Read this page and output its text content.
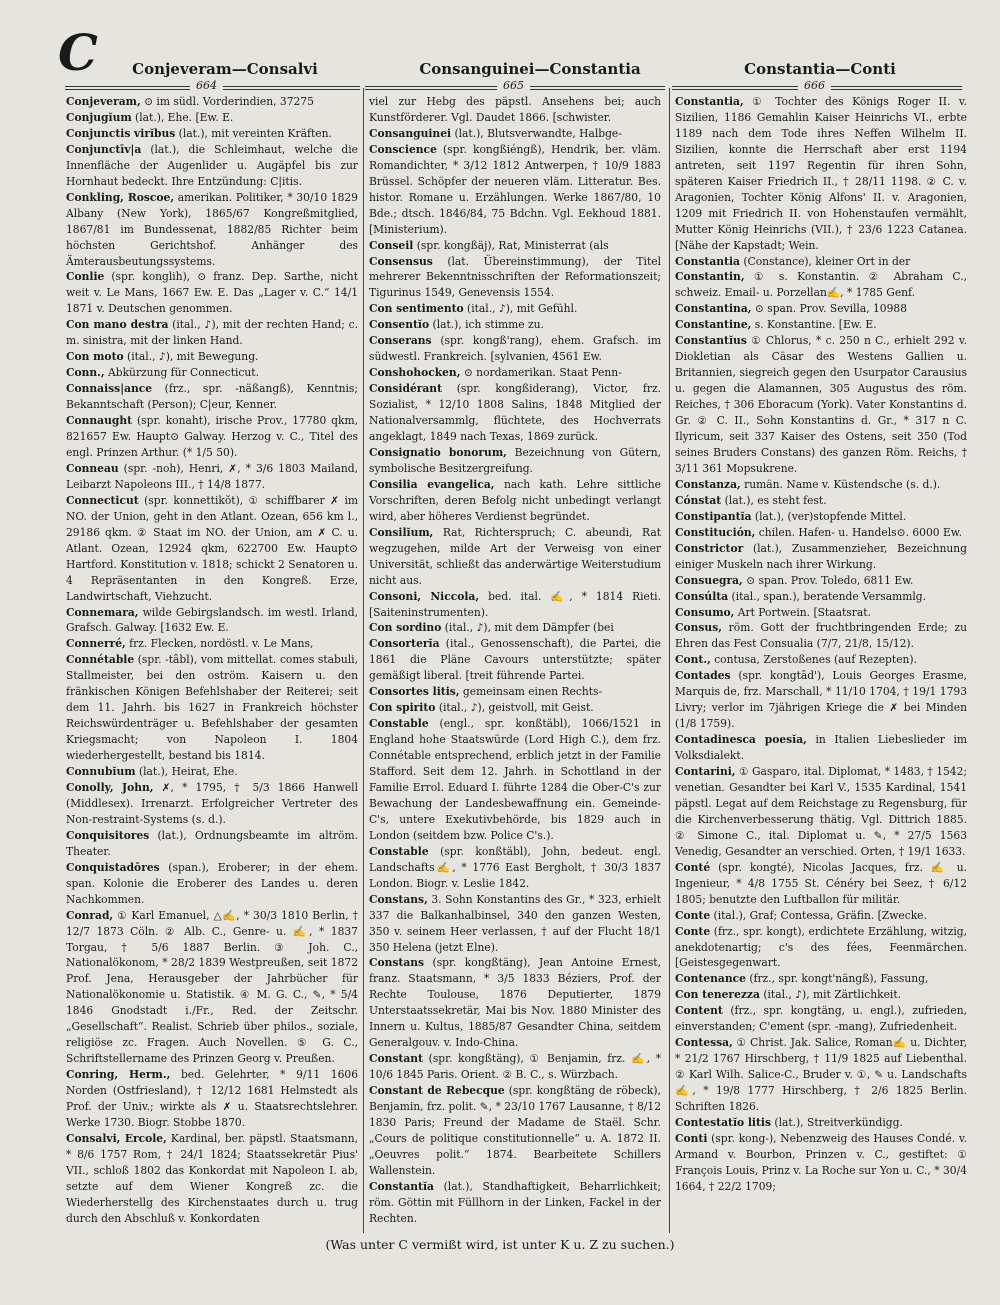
C	Conjeveram—Consalvi	Consanguinei—Constantia	Constantia—Conti
664	665	666

Conjeveram, ⊙ im südl. Vorderindien, 37275

Conjugĭum (lat.), Ehe. [Ew. E.

Conjunctis virĭbus (lat.), mit vereinten Kräften.

Conjunctīv|a (lat.), die Schleimhaut, welche die Innenfläche der Augenlider u. Augäpfel bis zur Hornhaut bedeckt. Ihre Entzündung: C|itis.

Conkling, Roscoe, amerikan. Politiker, * 30/10 1829 Albany (New York), 1865/67 Kongreßmitglied, 1867/81 im Bundessenat, 1882/85 Richter beim höchsten Gerichtshof. Anhänger des Ämterausbeutungssystems.

Conlie (spr. konglih), ⊙ franz. Dep. Sarthe, nicht weit v. Le Mans, 1667 Ew. E. Das „Lager v. C.“ 14/1 1871 v. Deutschen genommen.

Con mano destra (ital., ♪), mit der rechten Hand; c. m. sinistra, mit der linken Hand.

Con moto (ital., ♪), mit Bewegung.

Conn., Abkürzung für Connecticut.

Connaiss|ance (frz., spr. -näßangß), Kenntnis; Bekanntschaft (Person); C|eur, Kenner.

Connaught (spr. konaht), irische Prov., 17780 qkm, 821657 Ew. Haupt⊙ Galway. Herzog v. C., Titel des engl. Prinzen Arthur. (* 1/5 50).

Conneau (spr. -noh), Henri, ✗, * 3/6 1803 Mailand, Leibarzt Napoleons III., † 14/8 1877.

Connecticut (spr. konnettikŏt), ① schiffbarer ✗ im NO. der Union, geht in den Atlant. Ozean, 656 km l., 29186 qkm. ② Staat im NO. der Union, am ✗ C. u. Atlant. Ozean, 12924 qkm, 622700 Ew. Haupt⊙ Hartford. Konstitution v. 1818; schickt 2 Senatoren u. 4 Repräsentanten in den Kongreß. Erze, Landwirtschaft, Viehzucht.

Connemara, wilde Gebirgslandsch. im westl. Irland, Grafsch. Galway. [1632 Ew. E.

Connerré, frz. Flecken, nordöstl. v. Le Mans,

Connétable (spr. -tâbl), vom mittellat. comes stabuli, Stallmeister, bei den oström. Kaisern u. den fränkischen Königen Befehlshaber der Reiterei; seit dem 11. Jahrh. bis 1627 in Frankreich höchster Reichswürdenträger u. Befehlshaber der gesamten Kriegsmacht; von Napoleon I. 1804 wiederhergestellt, bestand bis 1814.

Connubĭum (lat.), Heirat, Ehe.

Conolly, John, ✗, * 1795, † 5/3 1866 Hanwell (Middlesex). Irrenarzt. Erfolgreicher Vertreter des Non-restraint-Systems (s. d.).

Conquisitores (lat.), Ordnungsbeamte im altröm. Theater.

Conquistadōres (span.), Eroberer; in der ehem. span. Kolonie die Eroberer des Landes u. deren Nachkommen.

Conrad, ① Karl Emanuel, △✍, * 30/3 1810 Berlin, † 12/7 1873 Cöln. ② Alb. C., Genre- u. ✍, * 1837 Torgau, † 5/6 1887 Berlin. ③ Joh. C., Nationalökonom, * 28/2 1839 Westpreußen, seit 1872 Prof. Jena, Herausgeber der Jahrbücher für Nationalökonomie u. Statistik. ④ M. G. C., ✎, * 5/4 1846 Gnodstadt i./Fr., Red. der Zeitschr. „Gesellschaft“. Realist. Schrieb über philos., soziale, religiöse zc. Fragen. Auch Novellen. ⑤ G. C., Schriftstellername des Prinzen Georg v. Preußen.

Conring, Herm., bed. Gelehrter, * 9/11 1606 Norden (Ostfriesland), † 12/12 1681 Helmstedt als Prof. der Univ.; wirkte als ✗ u. Staatsrechtslehrer. Werke 1730. Biogr. Stobbe 1870.

Consalvi, Ercole, Kardinal, ber. päpstl. Staatsmann, * 8/6 1757 Rom, † 24/1 1824; Staatssekretär Pius' VII., schloß 1802 das Konkordat mit Napoleon I. ab, setzte auf dem Wiener Kongreß zc. die Wiederherstellg des Kirchenstaates durch u. trug durch den Abschluß v. Konkordaten

viel zur Hebg des päpstl. Ansehens bei; auch Kunstförderer. Vgl. Daudet 1866. [schwister.

Consanguinei (lat.), Blutsverwandte, Halbge-

Conscience (spr. kongßiéngß), Hendrik, ber. vläm. Romandichter, * 3/12 1812 Antwerpen, † 10/9 1883 Brüssel. Schöpfer der neueren vläm. Litteratur. Bes. histor. Romane u. Erzählungen. Werke 1867/80, 10 Bde.; dtsch. 1846/84, 75 Bdchn. Vgl. Eekhoud 1881. [Ministerium).

Conseil (spr. kongßäj), Rat, Ministerrat (als

Consensus (lat. Übereinstimmung), der Titel mehrerer Bekenntnisschriften der Reformationszeit; Tigurinus 1549, Genevensis 1554.

Con sentimento (ital., ♪), mit Gefühl.

Consentĭo (lat.), ich stimme zu.

Conserans (spr. kongß'rang), ehem. Grafsch. im südwestl. Frankreich. [sylvanien, 4561 Ew.

Conshohocken, ⊙ nordamerikan. Staat Penn-

Considérant (spr. kongßiderang), Victor, frz. Sozialist, * 12/10 1808 Salins, 1848 Mitglied der Nationalversammlg, flüchtete, des Hochverrats angeklagt, 1849 nach Texas, 1869 zurück.

Consignatio bonorum, Bezeichnung von Gütern, symbolische Besitzergreifung.

Consilia evangelica, nach kath. Lehre sittliche Vorschriften, deren Befolg nicht unbedingt verlangt wird, aber höheres Verdienst begründet.

Consilĭum, Rat, Richterspruch; C. abeundi, Rat wegzugehen, milde Art der Verweisg von einer Universität, schließt das anderwärtige Weiterstudium nicht aus.

Consoni, Niccola, bed. ital. ✍, * 1814 Rieti. [Saiteninstrumenten).

Con sordino (ital., ♪), mit dem Dämpfer (bei

Consorterĭa (ital., Genossenschaft), die Partei, die 1861 die Pläne Cavours unterstützte; später gemäßigt liberal. [treit führende Partei.

Consortes litis, gemeinsam einen Rechts-

Con spirito (ital., ♪), geistvoll, mit Geist.

Constable (engl., spr. konßtäbl), 1066/1521 in England hohe Staatswürde (Lord High C.), dem frz. Connétable entsprechend, erblich jetzt in der Familie Stafford. Seit dem 12. Jahrh. in Schottland in der Familie Errol. Eduard I. führte 1284 die Ober-C's zur Bewachung der Landesbewaffnung ein. Gemeinde-C's, untere Exekutivbehörde, bis 1829 auch in London (seitdem bzw. Police C's.).

Constable (spr. konßtäbl), John, bedeut. engl. Landschafts✍, * 1776 East Bergholt, † 30/3 1837 London. Biogr. v. Leslie 1842.

Constans, 3. Sohn Konstantins des Gr., * 323, erhielt 337 die Balkanhalbinsel, 340 den ganzen Westen, 350 v. seinem Heer verlassen, † auf der Flucht 18/1 350 Helena (jetzt Elne).

Constans (spr. kongßtäng), Jean Antoine Ernest, franz. Staatsmann, * 3/5 1833 Béziers, Prof. der Rechte Toulouse, 1876 Deputierter, 1879 Unterstaatssekretär, Mai bis Nov. 1880 Minister des Innern u. Kultus, 1885/87 Gesandter China, seitdem Generalgouv. v. Indo-China.

Constant (spr. kongßtäng), ① Benjamin, frz. ✍, * 10/6 1845 Paris. Orient. ② B. C., s. Würzbach.

Constant de Rebecque (spr. kongßtäng de röbeck), Benjamin, frz. polit. ✎, * 23/10 1767 Lausanne, † 8/12 1830 Paris; Freund der Madame de Staël. Schr. „Cours de politique constitutionnelle“ u. A. 1872 II. „Oeuvres polit.“ 1874. Bearbeitete Schillers Wallenstein.

Constantĭa (lat.), Standhaftigkeit, Beharrlichkeit; röm. Göttin mit Füllhorn in der Linken, Fackel in der Rechten.

Constantia, ① Tochter des Königs Roger II. v. Sizilien, 1186 Gemahlin Kaiser Heinrichs VI., erbte 1189 nach dem Tode ihres Neffen Wilhelm II. Sizilien, konnte die Herrschaft aber erst 1194 antreten, seit 1197 Regentin für ihren Sohn, späteren Kaiser Friedrich II., † 28/11 1198. ② C. v. Aragonien, Tochter König Alfons' II. v. Aragonien, 1209 mit Friedrich II. von Hohenstaufen vermählt, Mutter König Heinrichs (VII.), † 23/6 1223 Catanea. [Nähe der Kapstadt; Wein.

Constantia (Constance), kleiner Ort in der

Constantin, ① s. Konstantin. ② Abraham C., schweiz. Email- u. Porzellan✍, * 1785 Genf.

Constantina, ⊙ span. Prov. Sevilla, 10988

Constantine, s. Konstantine. [Ew. E.

Constantĭus ① Chlorus, * c. 250 n C., erhielt 292 v. Diokletian als Cäsar des Westens Gallien u. Britannien, siegreich gegen den Usurpator Carausius u. gegen die Alamannen, 305 Augustus des röm. Reiches, † 306 Eboracum (York). Vater Konstantins d. Gr. ② C. II., Sohn Konstantins d. Gr., * 317 n C. Ilyricum, seit 337 Kaiser des Ostens, seit 350 (Tod seines Bruders Constans) des ganzen Röm. Reichs, † 3/11 361 Mopsukrene.

Constanza, rumän. Name v. Küstendsche (s. d.).

Cónstat (lat.), es steht fest.

Constipantĭa (lat.), (ver)stopfende Mittel.

Constitución, chilen. Hafen- u. Handels⊙. 6000 Ew.

Constrictor (lat.), Zusammenzieher, Bezeichnung einiger Muskeln nach ihrer Wirkung.

Consuegra, ⊙ span. Prov. Toledo, 6811 Ew.

Consúlta (ital., span.), beratende Versammlg.

Consumo, Art Portwein. [Staatsrat.

Consus, röm. Gott der fruchtbringenden Erde; zu Ehren das Fest Consualia (7/7, 21/8, 15/12).

Cont., contusa, Zerstoßenes (auf Rezepten).

Contades (spr. kongtād'), Louis Georges Erasme, Marquis de, frz. Marschall, * 11/10 1704, † 19/1 1793 Livry; verlor im 7jährigen Kriege die ✗ bei Minden (1/8 1759).

Contadinesca poesĭa, in Italien Liebeslieder im Volksdialekt.

Contarini, ① Gasparo, ital. Diplomat, * 1483, † 1542; venetian. Gesandter bei Karl V., 1535 Kardinal, 1541 päpstl. Legat auf dem Reichstage zu Regensburg, für die Kirchenverbesserung thätig. Vgl. Dittrich 1885. ② Simone C., ital. Diplomat u. ✎, * 27/5 1563 Venedig, Gesandter an verschied. Orten, † 19/1 1633.

Conté (spr. kongté), Nicolas Jacques, frz. ✍ u. Ingenieur, * 4/8 1755 St. Cénéry bei Seez, † 6/12 1805; benutzte den Luftballon für militär.

Conte (ital.), Graf; Contessa, Gräfin. [Zwecke.

Conte (frz., spr. kongt), erdichtete Erzählung, witzig, anekdotenartig; c's des fées, Feenmärchen. [Geistesgegenwart.

Contenance (frz., spr. kongt'nängß), Fassung,

Con tenerezza (ital., ♪), mit Zärtlichkeit.

Content (frz., spr. kongtäng, u. engl.), zufrieden, einverstanden; C'ement (spr. -mang), Zufriedenheit.

Contessa, ① Christ. Jak. Salice, Roman✍ u. Dichter, * 21/2 1767 Hirschberg, † 11/9 1825 auf Liebenthal. ② Karl Wilh. Salice-C., Bruder v. ①, ✎ u. Landschafts✍, * 19/8 1777 Hirschberg, † 2/6 1825 Berlin. Schriften 1826.

Contestatĭo litis (lat.), Streitverkündigg.

Conti (spr. kong-), Nebenzweig des Hauses Condé. v. Armand v. Bourbon, Prinzen v. C., gestiftet: ① François Louis, Prinz v. La Roche sur Yon u. C., * 30/4 1664, † 22/2 1709;

(Was unter C vermißt wird, ist unter K u. Z zu suchen.)
